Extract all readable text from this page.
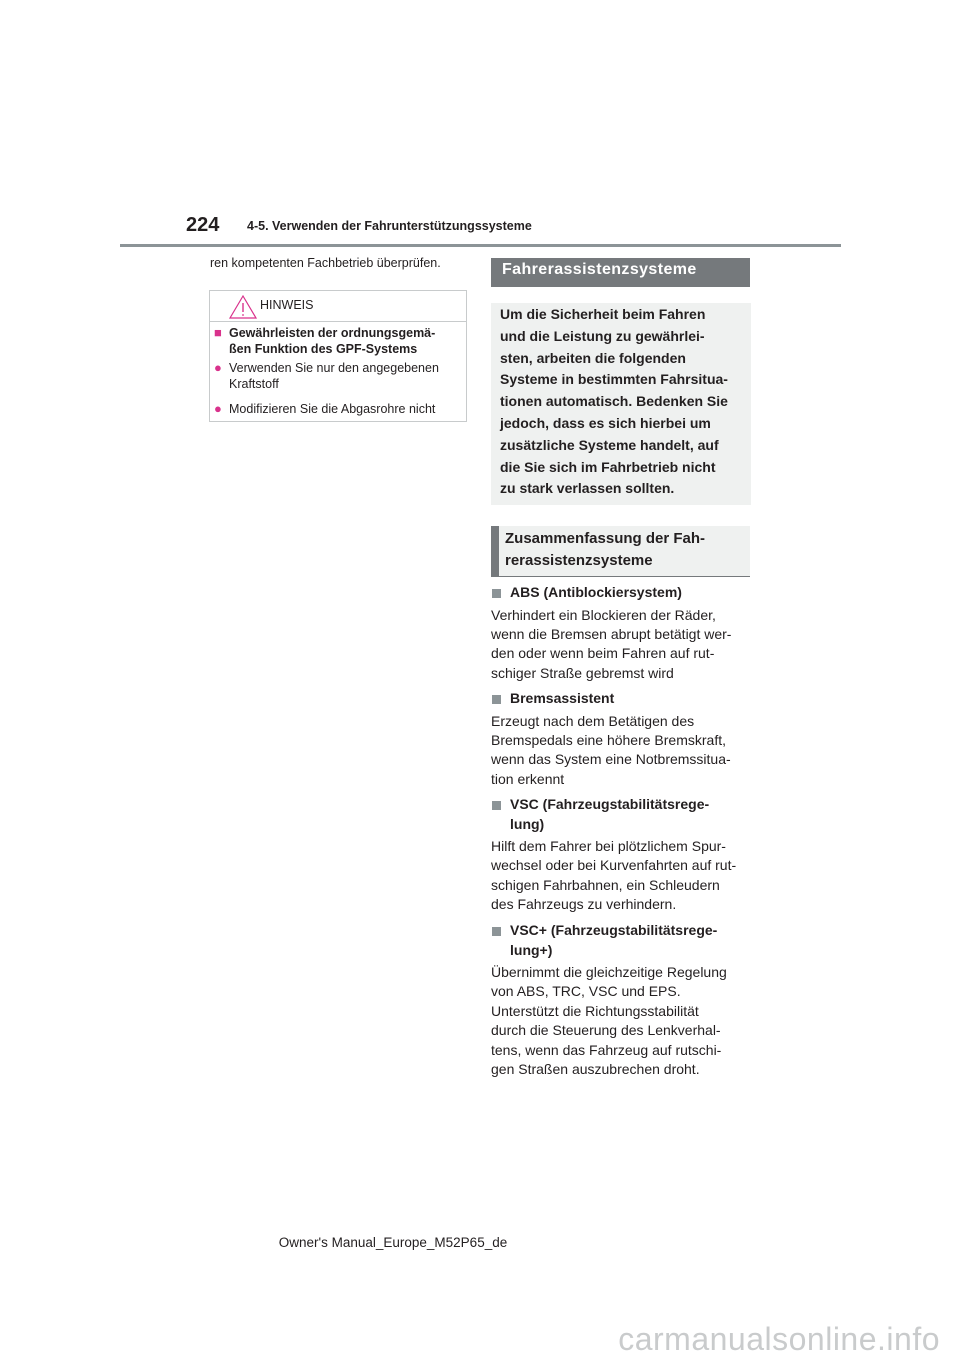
224 4-5. Verwenden der Fahrunterstützungssysteme
ren kompetenten Fachbetrieb überprüfen.
HINWEIS
■ Gewährleisten der ordnungsgemä-
ßen Funktion des GPF-Systems
● Verwenden Sie nur den angegebenen
Kraftstoff
● Modifizieren Sie die Abgasrohre nicht
Fahrerassistenzsysteme
Um die Sicherheit beim Fahren
und die Leistung zu gewährlei-
sten, arbeiten die folgenden
Systeme in bestimmten Fahrsitua-
tionen automatisch. Bedenken Sie
jedoch, dass es sich hierbei um
zusätzliche Systeme handelt, auf
die Sie sich im Fahrbetrieb nicht
zu stark verlassen sollten.
Zusammenfassung der Fah-
rerassistenzsysteme
ABS (Antiblockiersystem)
Verhindert ein Blockieren der Räder,
wenn die Bremsen abrupt betätigt wer-
den oder wenn beim Fahren auf rut-
schiger Straße gebremst wird
Bremsassistent
Erzeugt nach dem Betätigen des
Bremspedals eine höhere Bremskraft,
wenn das System eine Notbremssitua-
tion erkennt
VSC (Fahrzeugstabilitätsrege-
lung)
Hilft dem Fahrer bei plötzlichem Spur-
wechsel oder bei Kurvenfahrten auf rut-
schigen Fahrbahnen, ein Schleudern
des Fahrzeugs zu verhindern.
VSC+ (Fahrzeugstabilitätsrege-
lung+)
Übernimmt die gleichzeitige Regelung
von ABS, TRC, VSC und EPS.
Unterstützt die Richtungsstabilität
durch die Steuerung des Lenkverhal-
tens, wenn das Fahrzeug auf rutschi-
gen Straßen auszubrechen droht.
Owner's Manual_Europe_M52P65_de
carmanualsonline.info
